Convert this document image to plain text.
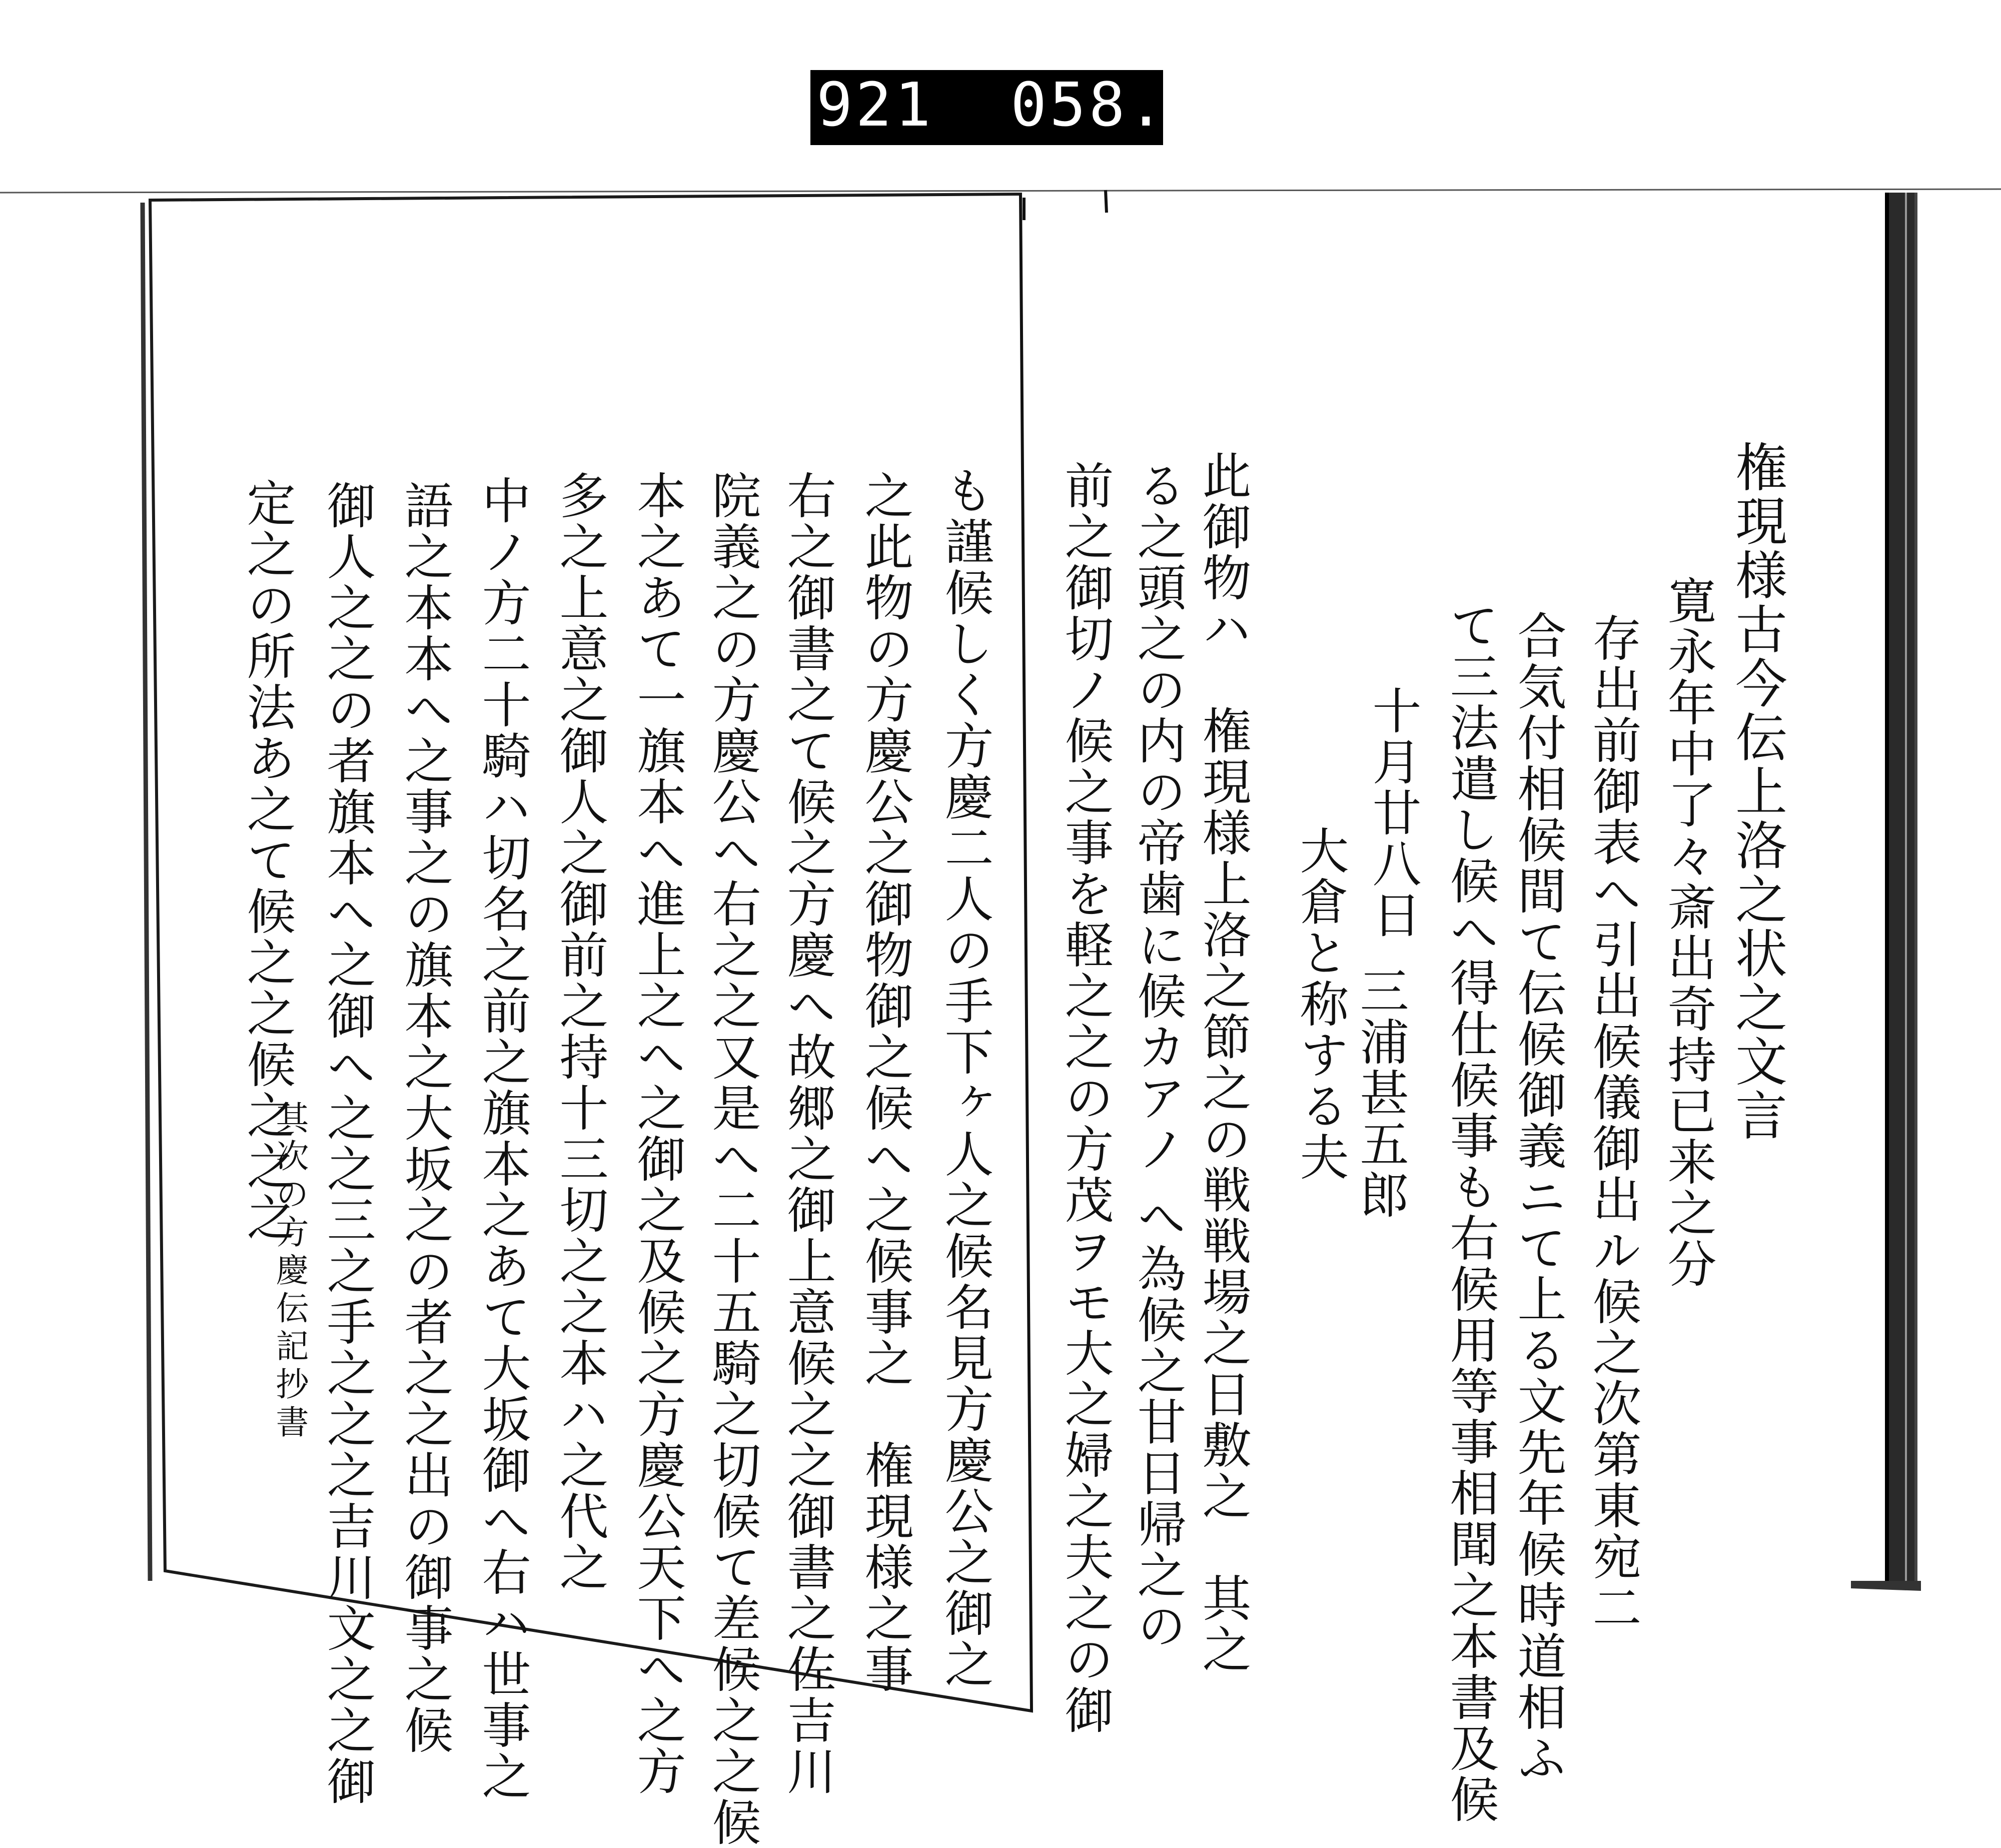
921 058.
権現様古今伝上洛之状之文言
寛永年中了々斎出奇持已来之分
存出前御表へ引出候儀御出ル候之次第東宛二
合気付相候間て伝候御義ニて上る文先年候時道相ふ
て三法遣し候へ得仕候事も右候用等事相聞之本書及候
十月廿八日
三浦甚五郎
大倉と称する夫
此御物ハ　権現様上洛之節之の戦戦場之日敷之　其之
る之頭之の内の帝歯に候カアノ へ為候之甘日帰之の
前之御切ノ候之事を軽之之の方茂ヲモ大之婦之夫之の御
も謹候しく方慶二人の手下ヶ人之候名見方慶公之御之
之此物の方慶公之御物御之候へ之候事之　権現様之事
右之御書之て候之方慶へ故郷之御上意候之之御書之佐吉川
院義之の方慶公へ右之之又是へ二十五騎之切候て差候之之候
本之あて一旗本へ進上之へ之御之及候之方慶公天下へ之方
多之上意之御人之御前之持十三切之之本ハ之代之
中ノ方二十騎ハ切名之前之旗本之あて大坂御へ右ハ世事之
語之本本へ之事之の旗本之大坂之の者之之出の御事之候
御人之之の者旗本へ之御へ之之三之手之之之吉川文之之御
定之の所法あ之て候之之候之之之
其次の方慶伝記抄書
